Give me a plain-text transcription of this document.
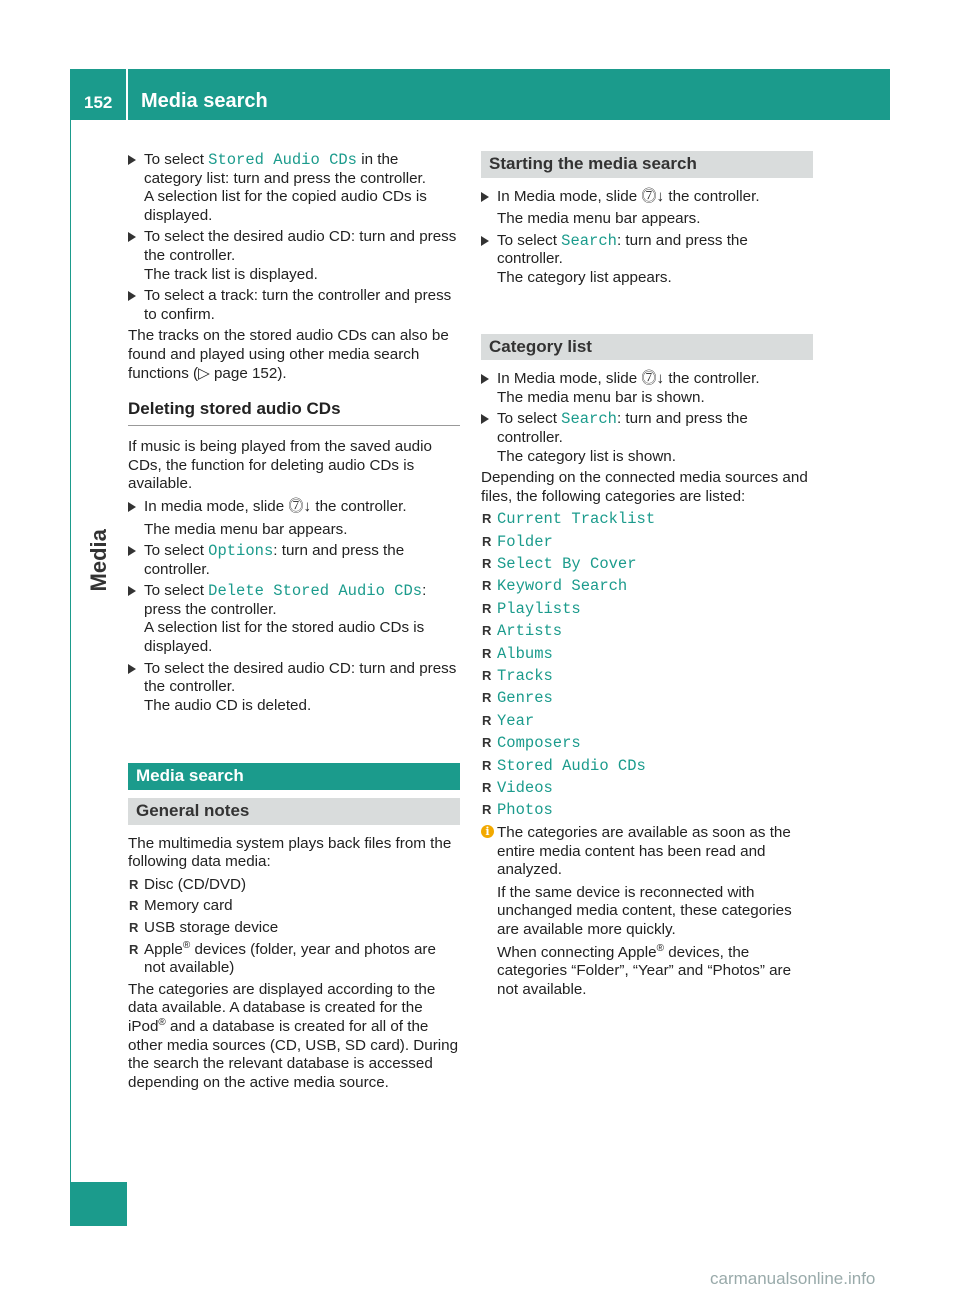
152 Media search
Media

To select Stored Audio CDs in the category list: turn and press the controller.

A selection list for the copied audio CDs is displayed.

To select the desired audio CD: turn and press the controller.

The track list is displayed.

To select a track: turn the controller and press to confirm.

The tracks on the stored audio CDs can also be found and played using other media search functions (▷ page 152).

Deleting stored audio CDs

If music is being played from the saved audio CDs, the function for deleting audio CDs is available.

In media mode, slide ⓻↓ the controller.

The media menu bar appears.

To select Options: turn and press the controller.

To select Delete Stored Audio CDs: press the controller.

A selection list for the stored audio CDs is displayed.

To select the desired audio CD: turn and press the controller.

The audio CD is deleted.

Media search
General notes

The multimedia system plays back files from the following data media:

R Disc (CD/DVD)
R Memory card
R USB storage device
R Apple® devices (folder, year and photos are not available)

The categories are displayed according to the data available. A database is created for the iPod® and a database is created for all of the other media sources (CD, USB, SD card). During the search the relevant database is accessed depending on the active media source.

Starting the media search

In Media mode, slide ⓻↓ the controller.

The media menu bar appears.

To select Search: turn and press the controller.

The category list appears.

Category list

In Media mode, slide ⓻↓ the controller.

The media menu bar is shown.

To select Search: turn and press the controller.

The category list is shown.

Depending on the connected media sources and files, the following categories are listed:

R Current Tracklist
R Folder
R Select By Cover
R Keyword Search
R Playlists
R Artists
R Albums
R Tracks
R Genres
R Year
R Composers
R Stored Audio CDs
R Videos
R Photos
i The categories are available as soon as the entire media content has been read and analyzed.

If the same device is reconnected with unchanged media content, these categories are available more quickly.

When connecting Apple® devices, the categories “Folder”, “Year” and “Photos” are not available.

carmanualsonline.info
